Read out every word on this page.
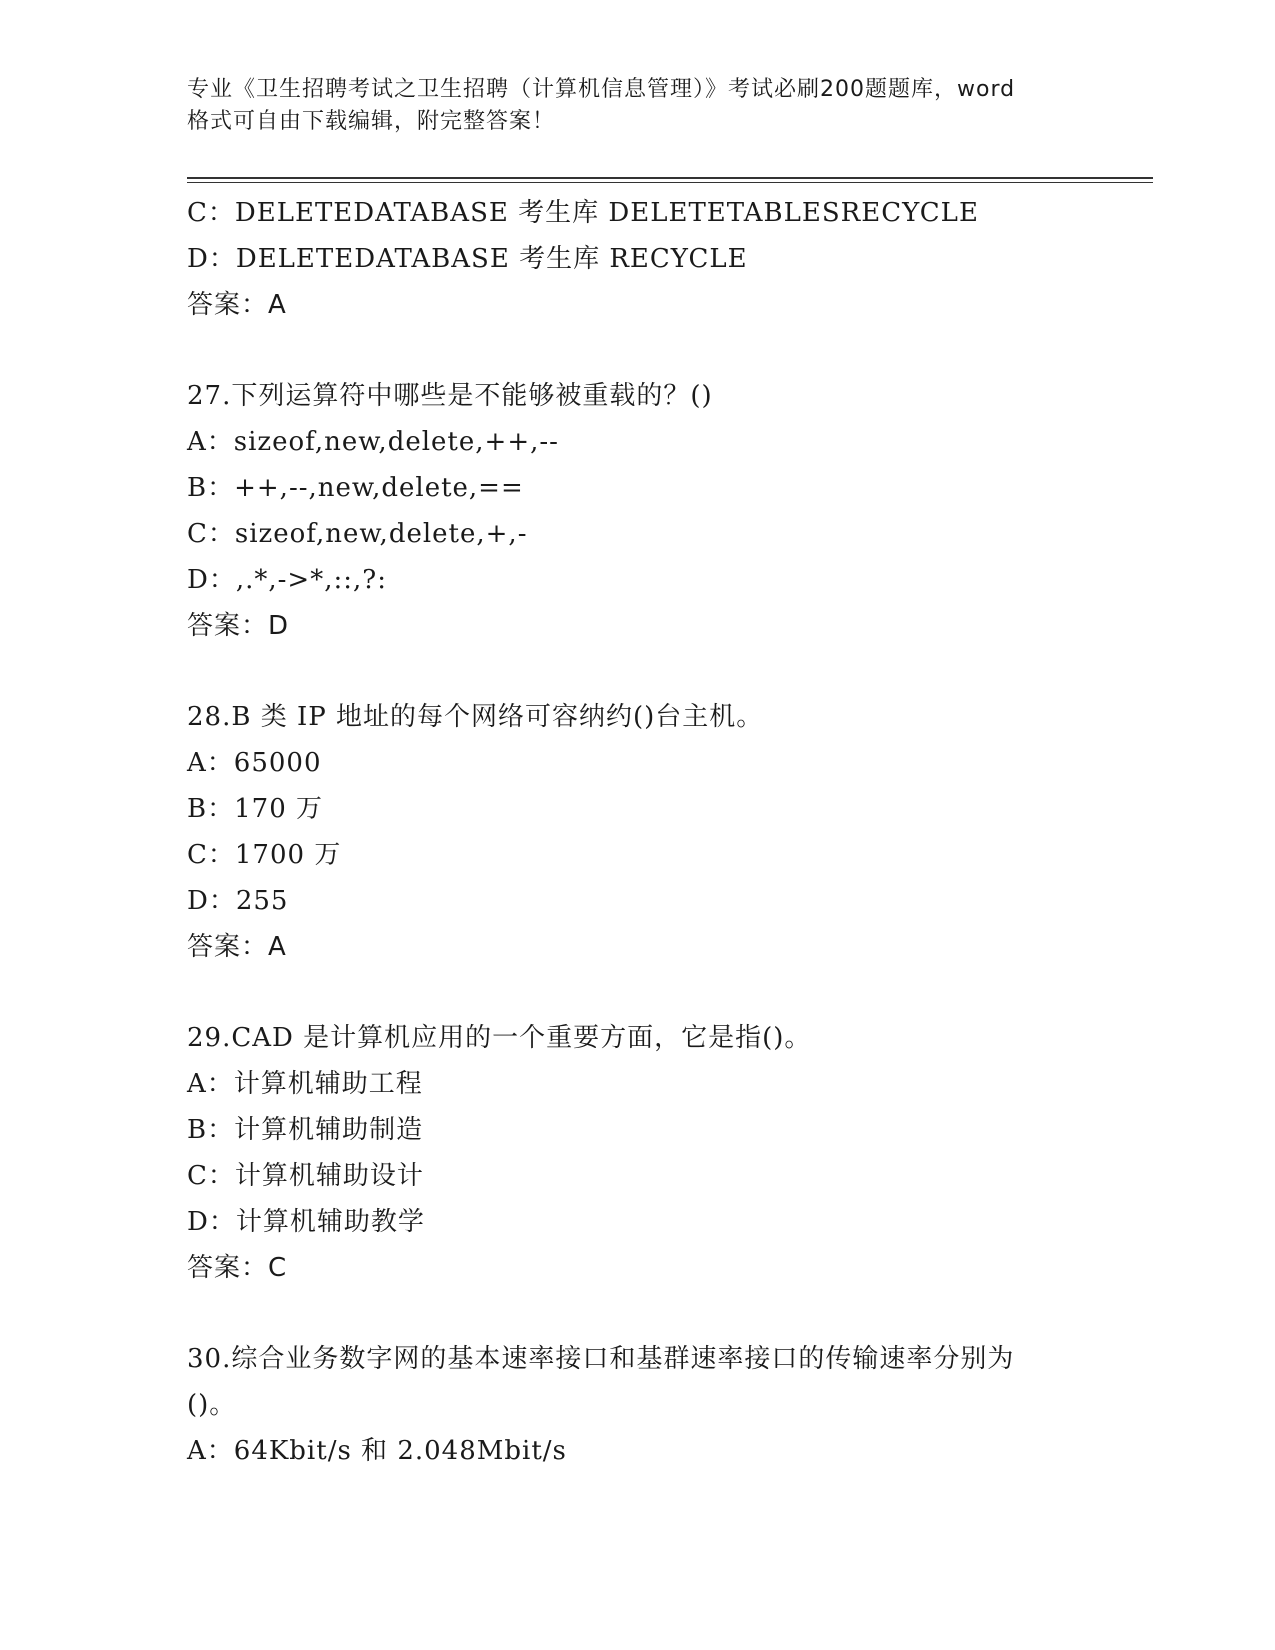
专业《卫生招聘考试之卫生招聘（计算机信息管理）》考试必刷200题题库，word
格式可自由下载编辑，附完整答案！
C：DELETEDATABASE 考生库 DELETETABLESRECYCLE
D：DELETEDATABASE 考生库 RECYCLE
答案：A
27.下列运算符中哪些是不能够被重载的？()
A：sizeof,new,delete,++,--
B：++,--,new,delete,==
C：sizeof,new,delete,+,-
D：,.*,->*,::,?:
答案：D
28.B 类 IP 地址的每个网络可容纳约()台主机。
A：65000
B：170 万
C：1700 万
D：255
答案：A
29.CAD 是计算机应用的一个重要方面，它是指()。
A：计算机辅助工程
B：计算机辅助制造
C：计算机辅助设计
D：计算机辅助教学
答案：C
30.综合业务数字网的基本速率接口和基群速率接口的传输速率分别为
()。
A：64Kbit/s 和 2.048Mbit/s
